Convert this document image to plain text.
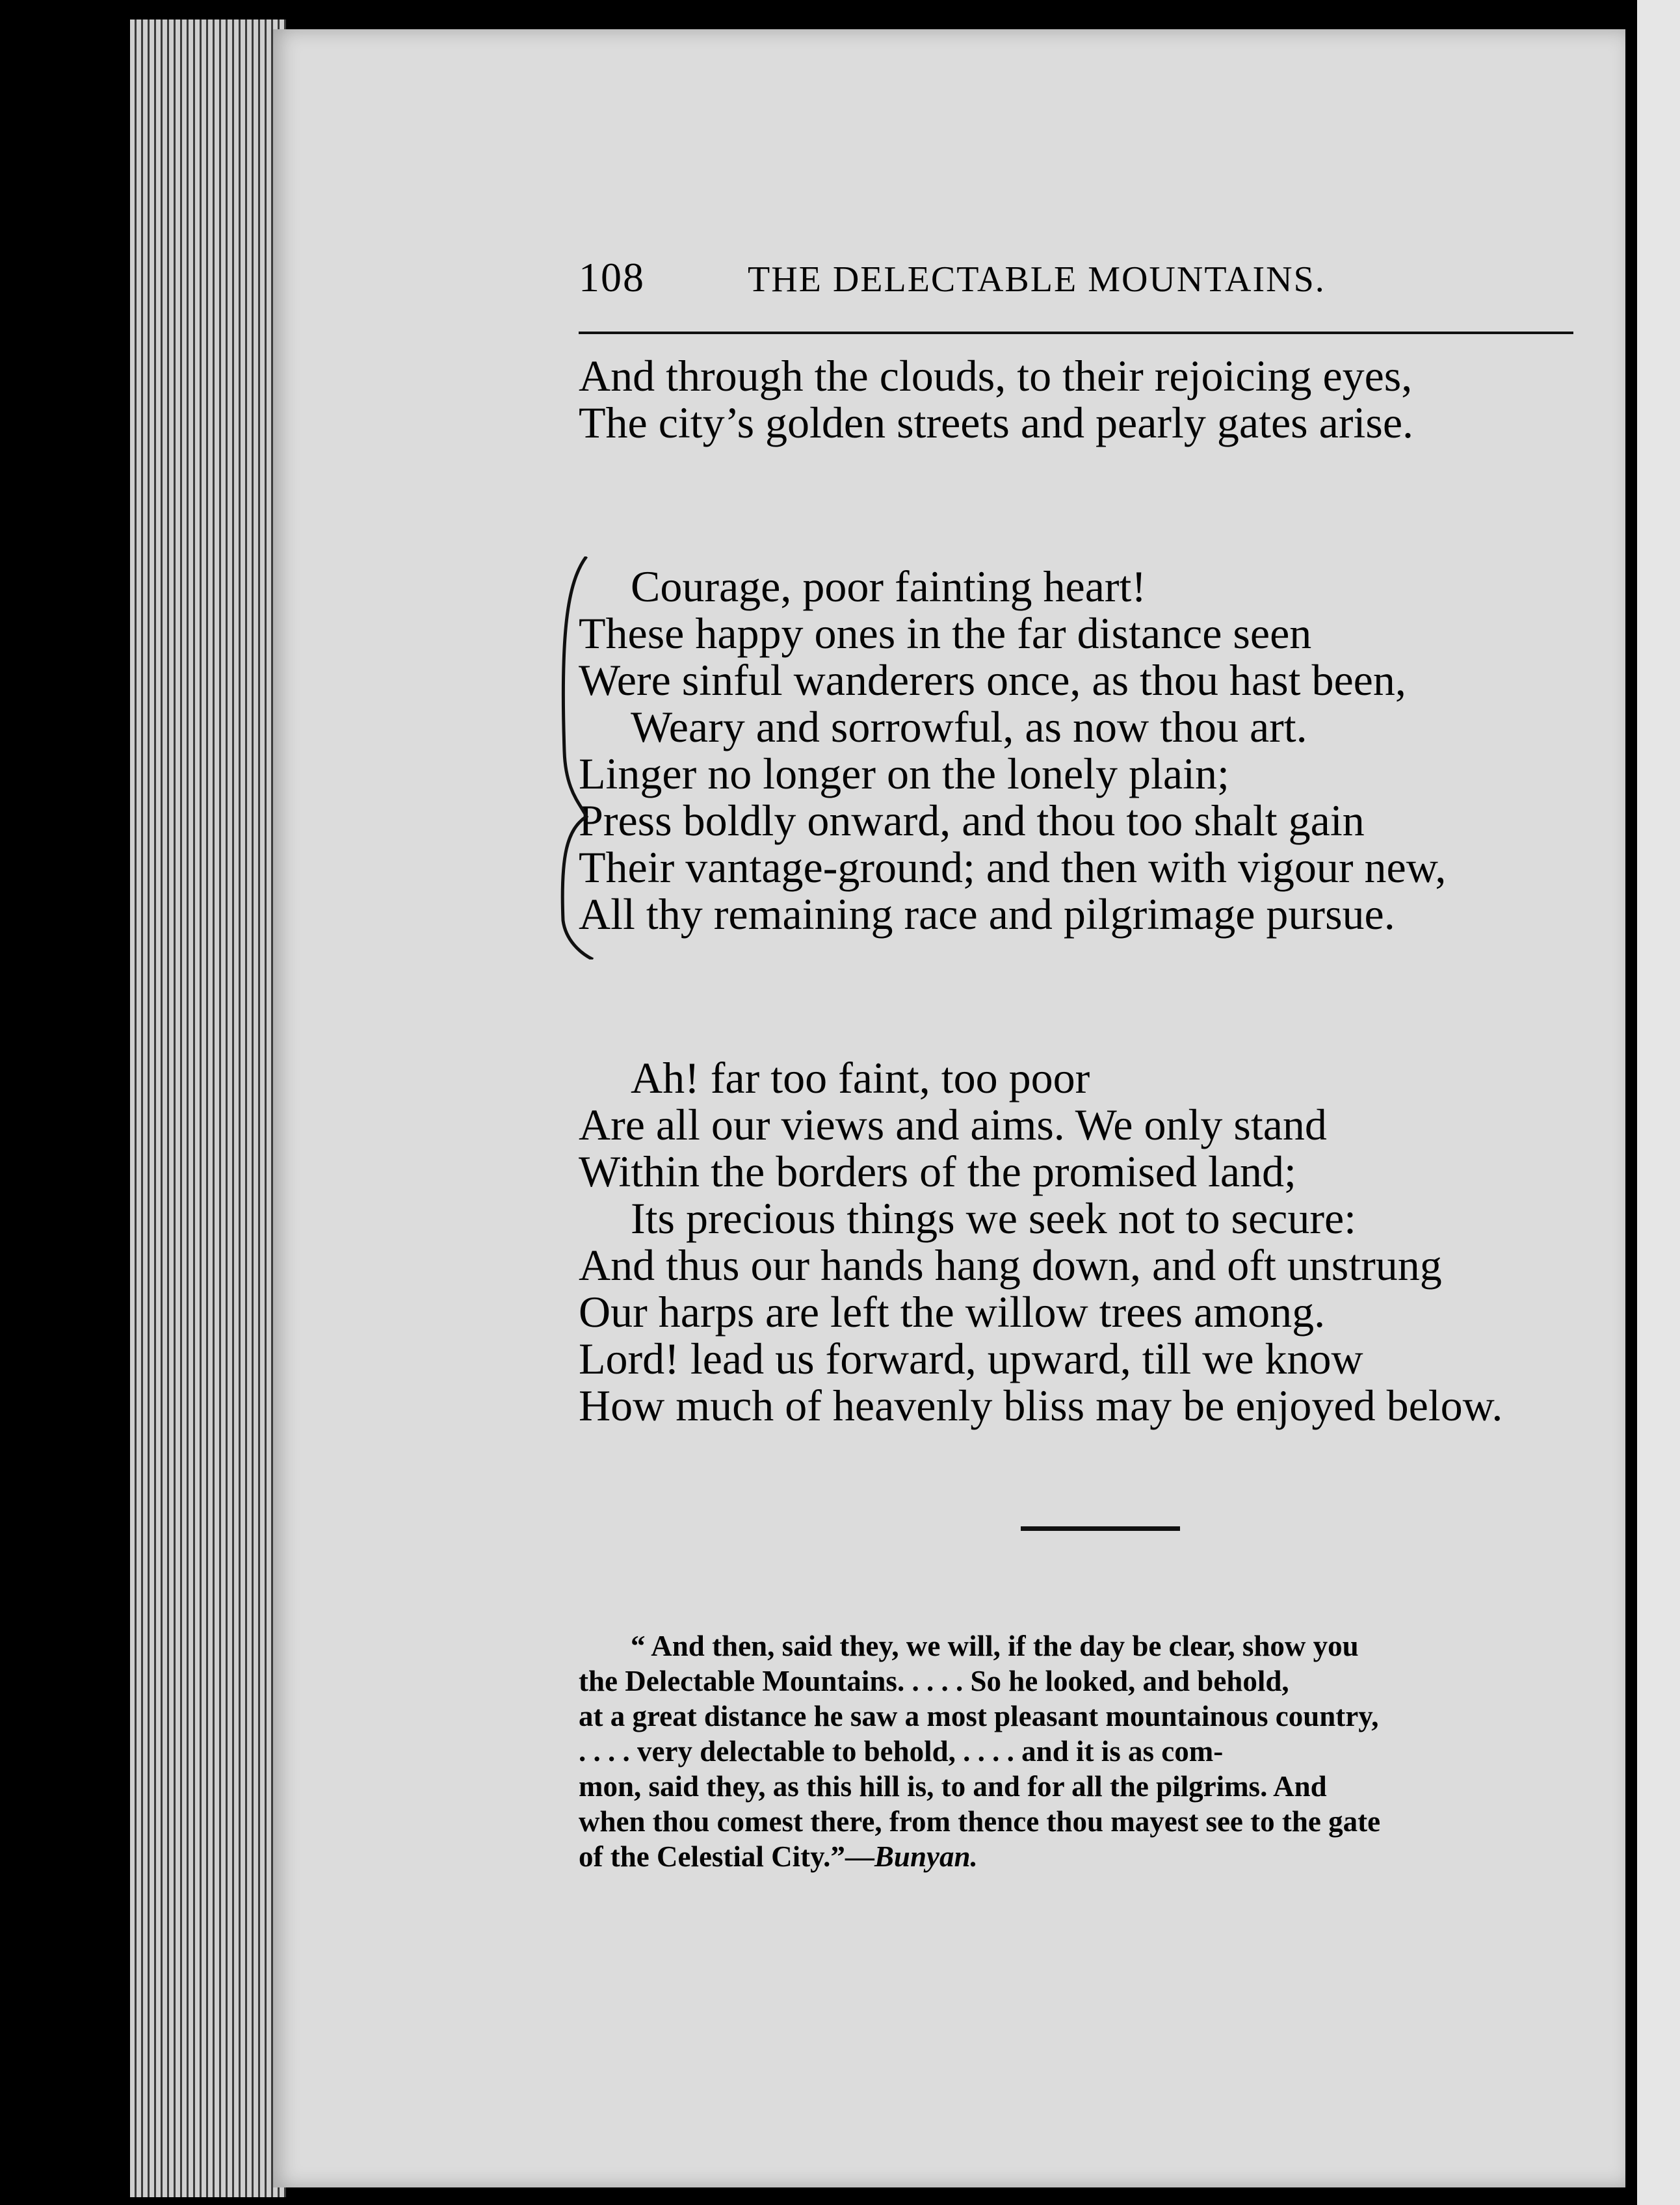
108	THE DELECTABLE MOUNTAINS.
And through the clouds, to their rejoicing eyes,
The city’s golden streets and pearly gates arise.
Courage, poor fainting heart!
These happy ones in the far distance seen
Were sinful wanderers once, as thou hast been,
Weary and sorrowful, as now thou art.
Linger no longer on the lonely plain;
Press boldly onward, and thou too shalt gain
Their vantage-ground; and then with vigour new,
All thy remaining race and pilgrimage pursue.
Ah! far too faint, too poor
Are all our views and aims. We only stand
Within the borders of the promised land;
Its precious things we seek not to secure:
And thus our hands hang down, and oft unstrung
Our harps are left the willow trees among.
Lord! lead us forward, upward, till we know
How much of heavenly bliss may be enjoyed below.
“ And then, said they, we will, if the day be clear, show you
the Delectable Mountains. . . . . So he looked, and behold,
at a great distance he saw a most pleasant mountainous country,
. . . . very delectable to behold, . . . . and it is as com-
mon, said they, as this hill is, to and for all the pilgrims. And
when thou comest there, from thence thou mayest see to the gate
of the Celestial City.”—Bunyan.
